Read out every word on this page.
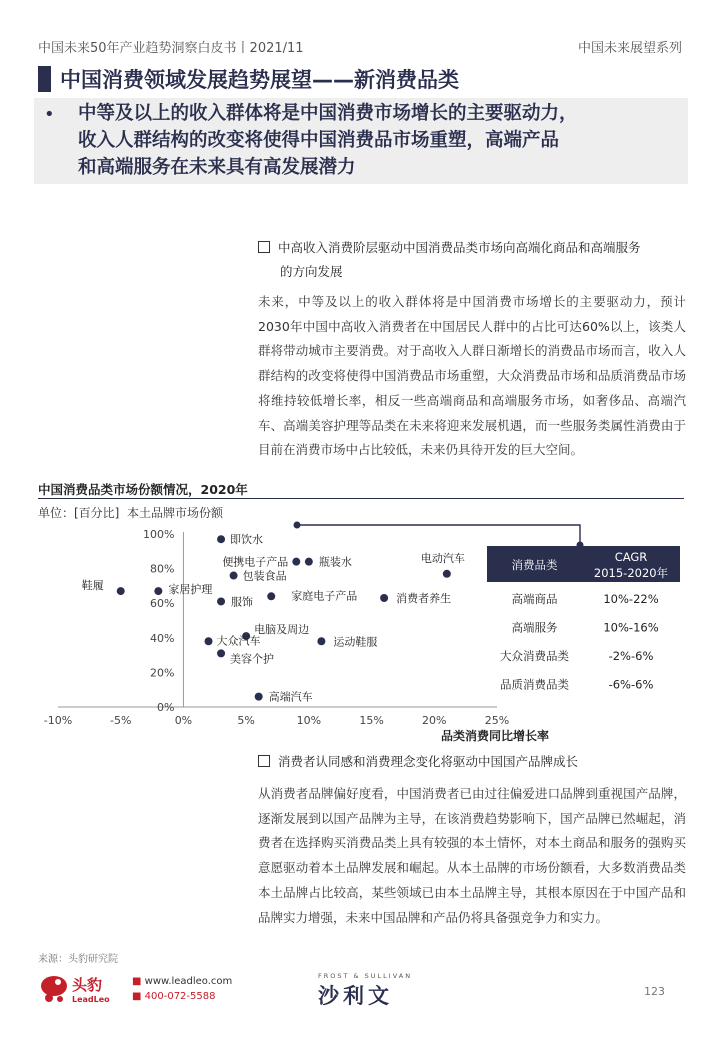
中国未来50年产业趋势洞察白皮书丨2021/11	中国未来展望系列
中国消费领域发展趋势展望——新消费品类
• 中等及以上的收入群体将是中国消费市场增长的主要驱动力，
收入人群结构的改变将使得中国消费品市场重塑，高端产品
和高端服务在未来具有高发展潜力
中高收入消费阶层驱动中国消费品类市场向高端化商品和高端服务
的方向发展
未来，中等及以上的收入群体将是中国消费市场增长的主要驱动力，预计2030年中国中高收入消费者在中国居民人群中的占比可达60%以上，该类人群将带动城市主要消费。对于高收入人群日渐增长的消费品市场而言，收入人群结构的改变将使得中国消费品市场重塑，大众消费品市场和品质消费品市场将维持较低增长率，相反一些高端商品和高端服务市场，如奢侈品、高端汽车、高端美容护理等品类在未来将迎来发展机遇，而一些服务类属性消费由于目前在消费市场中占比较低，未来仍具待开发的巨大空间。
中国消费品类市场份额情况，2020年
单位：[百分比] 本土品牌市场份额
0%
20%
40%
60%
80%
100%
-10%	-5%	0%	5%	10%	15%	20%	25%
品类消费同比增长率
即饮水
便携电子产品	瓶装水
包装食品
电动汽车
鞋履	家居护理
服饰	家庭电子产品	消费者养生
电脑及周边
大众汽车	运动鞋服
美容个护
高端汽车
消费品类
CAGR
2015-2020年
高端商品	10%-22%
高端服务	10%-16%
大众消费品类	-2%-6%
品质消费品类	-6%-6%
消费者认同感和消费理念变化将驱动中国国产品牌成长
从消费者品牌偏好度看，中国消费者已由过往偏爱进口品牌到重视国产品牌，逐渐发展到以国产品牌为主导，在该消费趋势影响下，国产品牌已然崛起，消费者在选择购买消费品类上具有较强的本土情怀，对本土商品和服务的强购买意愿驱动着本土品牌发展和崛起。从本土品牌的市场份额看，大多数消费品类本土品牌占比较高，某些领域已由本土品牌主导，其根本原因在于中国产品和品牌实力增强，未来中国品牌和产品仍将具备强竞争力和实力。
来源：头豹研究院
头豹
LeadLeo
■ www.leadleo.com
■ 400-072-5588
FROST & SULLIVAN
沙利文	123
